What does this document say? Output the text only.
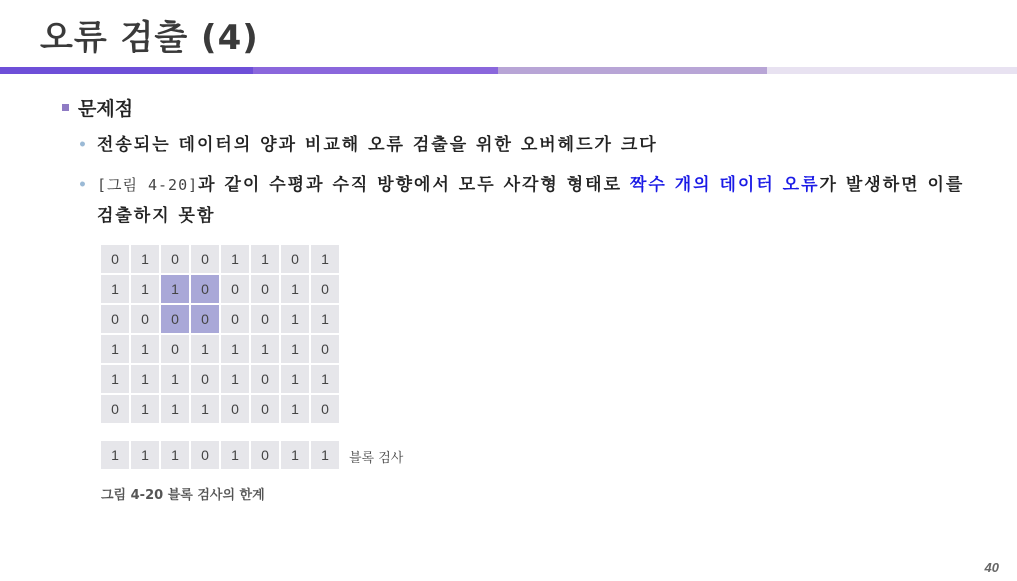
오류 검출 (4)
문제점
• 전송되는 데이터의 양과 비교해 오류 검출을 위한 오버헤드가 크다
• [그림 4-20]과 같이 수평과 수직 방향에서 모두 사각형 형태로 짝수 개의 데이터 오류가 발생하면 이를 검출하지 못함
0	1	0	0	1	1	0	1
1	1	1	0	0	0	1	0
0	0	0	0	0	0	1	1
1	1	0	1	1	1	1	0
1	1	1	0	1	0	1	1
0	1	1	1	0	0	1	0
1	1	1	0	1	0	1	1	블록 검사
그림 4-20 블록 검사의 한계
40
